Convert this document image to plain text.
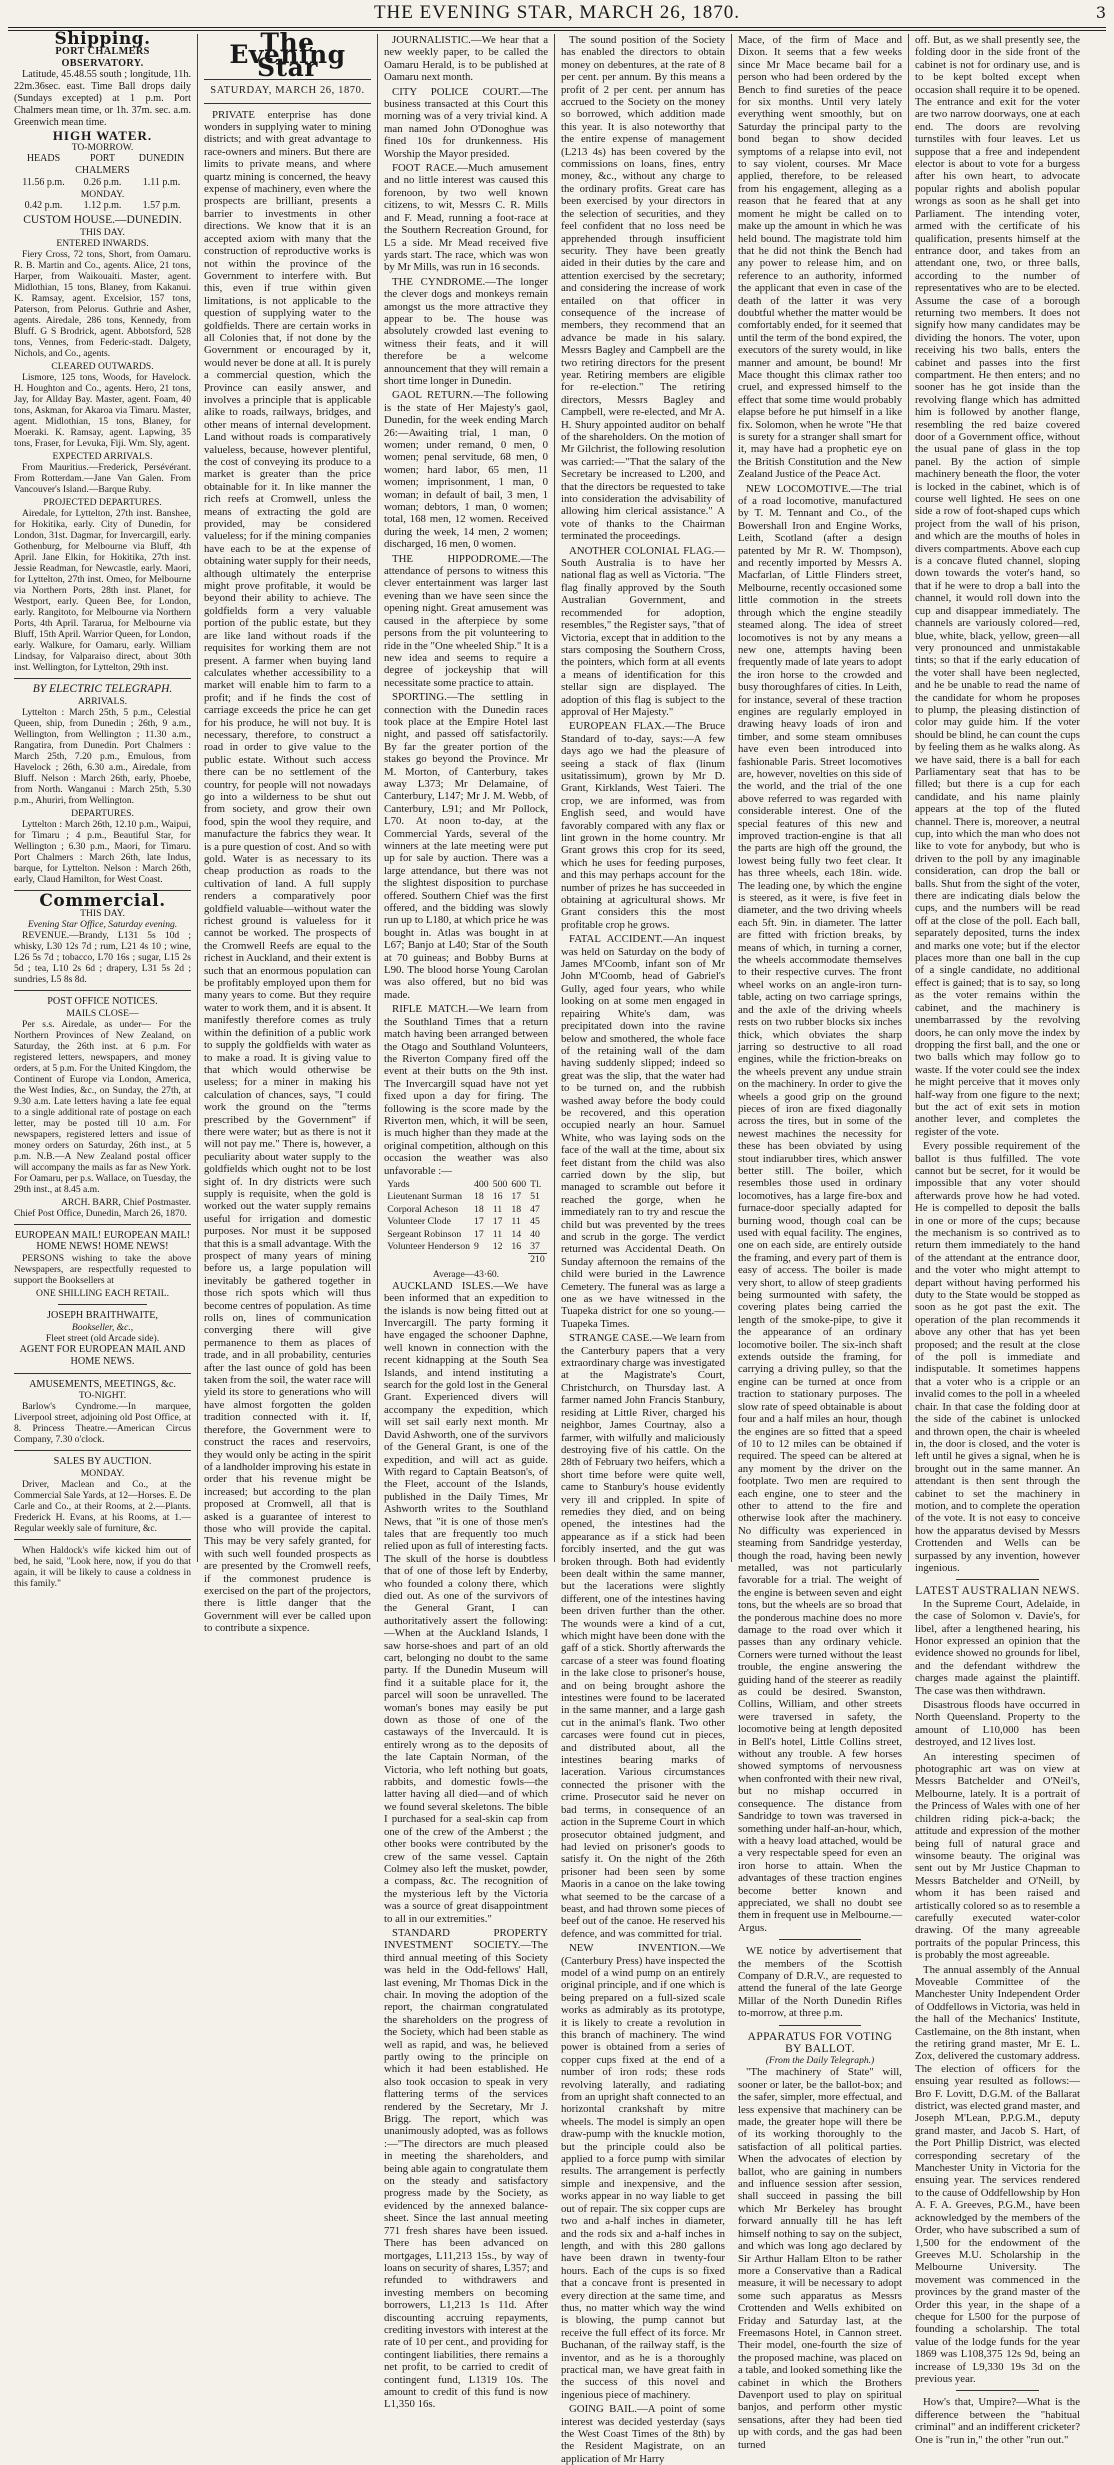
THE EVENING STAR, MARCH 26, 1870.	3
Shipping.
PORT CHALMERS OBSERVATORY.

Latitude, 45.48.55 south ; longitude, 11h. 22m.36sec. east. Time Ball drops daily (Sundays excepted) at 1 p.m. Port Chalmers mean time, or 1h. 37m. sec. a.m. Greenwich mean time.

HIGH WATER.
TO-MORROW.
HEADS	PORT CHALMERS
DUNEDIN
11.56 p.m.	0.26 p.m.	1.11 p.m.
MONDAY.
0.42 p.m.	1.12 p.m.	1.57 p.m.
CUSTOM HOUSE.—DUNEDIN.
THIS DAY.
ENTERED INWARDS.

Fiery Cross, 72 tons, Short, from Oamaru. R. B. Martin and Co., agents. Alice, 21 tons, Harper, from Waikouaiti. Master, agent. Midlothian, 15 tons, Blaney, from Kakanui. K. Ramsay, agent. Excelsior, 157 tons, Paterson, from Pelorus. Guthrie and Asher, agents. Airedale, 286 tons, Kennedy, from Bluff. G S Brodrick, agent. Abbotsford, 528 tons, Vennes, from Federic-stadt. Dalgety, Nichols, and Co., agents.

CLEARED OUTWARDS.

Lismore, 125 tons, Woods, for Havelock. H. Houghton and Co., agents. Hero, 21 tons, Jay, for Allday Bay. Master, agent. Foam, 40 tons, Askman, for Akaroa via Timaru. Master, agent. Midlothian, 15 tons, Blaney, for Moeraki. K. Ramsay, agent. Lapwing, 35 tons, Fraser, for Levuka, Fiji. Wm. Sly, agent.

EXPECTED ARRIVALS.

From Mauritius.—Frederick, Persévérant. From Rotterdam.—Jane Van Galen. From Vancouver's Island.—Barque Ruby.

PROJECTED DEPARTURES.

Airedale, for Lyttelton, 27th inst. Banshee, for Hokitika, early. City of Dunedin, for London, 31st. Dagmar, for Invercargill, early. Gothenburg, for Melbourne via Bluff, 4th April. Jane Elkin, for Hokitika, 27th inst. Jessie Readman, for Newcastle, early. Maori, for Lyttelton, 27th inst. Omeo, for Melbourne via Northern Ports, 28th inst. Planet, for Westport, early. Queen Bee, for London, early. Rangitoto, for Melbourne via Northern Ports, 4th April. Tararua, for Melbourne via Bluff, 15th April. Warrior Queen, for London, early. Walkure, for Oamaru, early. William Lindsay, for Valparaiso direct, about 30th inst. Wellington, for Lyttelton, 29th inst.

BY ELECTRIC TELEGRAPH.
ARRIVALS.

Lyttelton : March 25th, 5 p.m., Celestial Queen, ship, from Dunedin ; 26th, 9 a.m., Wellington, from Wellington ; 11.30 a.m., Rangatira, from Dunedin. Port Chalmers : March 25th, 7.20 p.m., Emulous, from Havelock ; 26th, 6.30 a.m., Airedale, from Bluff. Nelson : March 26th, early, Phoebe, from North. Wanganui : March 25th, 5.30 p.m., Ahuriri, from Wellington.

DEPARTURES.

Lyttelton : March 26th, 12.10 p.m., Waipui, for Timaru ; 4 p.m., Beautiful Star, for Wellington ; 6.30 p.m., Maori, for Timaru. Port Chalmers : March 26th, late Indus, barque, for Lyttelton. Nelson : March 26th, early, Claud Hamilton, for West Coast.

Commercial.
THIS DAY.
Evening Star Office, Saturday evening.

REVENUE.—Brandy, L131 5s 10d ; whisky, L30 12s 7d ; rum, L21 4s 10 ; wine, L26 5s 7d ; tobacco, L70 16s ; sugar, L15 2s 5d ; tea, L10 2s 6d ; drapery, L31 5s 2d ; sundries, L5 8s 8d.

POST OFFICE NOTICES.
MAILS CLOSE—

Per s.s. Airedale, as under— For the Northern Provinces of New Zealand, on Saturday, the 26th inst. at 6 p.m. For registered letters, newspapers, and money orders, at 5 p.m. For the United Kingdom, the Continent of Europe via London, America, the West Indies, &c., on Sunday, the 27th, at 9.30 a.m. Late letters having a late fee equal to a single additional rate of postage on each letter, may be posted till 10 a.m. For newspapers, registered letters and issue of money orders on Saturday, 26th inst., at 5 p.m. N.B.—A New Zealand postal officer will accompany the mails as far as New York. For Oamaru, per p.s. Wallace, on Tuesday, the 29th inst., at 8.45 a.m.

ARCH. BARR, Chief Postmaster.
Chief Post Office, Dunedin, March 26, 1870.
EUROPEAN MAIL! EUROPEAN MAIL! HOME NEWS! HOME NEWS!

PERSONS wishing to take the above Newspapers, are respectfully requested to support the Booksellers at

ONE SHILLING EACH RETAIL.
JOSEPH BRAITHWAITE,
Bookseller, &c.,
Fleet street (old Arcade side).
AGENT FOR EUROPEAN MAIL AND HOME NEWS.
AMUSEMENTS, MEETINGS, &c.
TO-NIGHT.

Barlow's Cyndrome.—In marquee, Liverpool street, adjoining old Post Office, at 8. Princess Theatre.—American Circus Company, 7.30 o'clock.

SALES BY AUCTION.
MONDAY.

Driver, Maclean and Co., at the Commercial Sale Yards, at 12—Horses. E. De Carle and Co., at their Rooms, at 2.—Plants. Frederick H. Evans, at his Rooms, at 1.—Regular weekly sale of furniture, &c.

When Haldock's wife kicked him out of bed, he said, "Look here, now, if you do that again, it will be likely to cause a coldness in this family."

The Evening Star
SATURDAY, MARCH 26, 1870.

PRIVATE enterprise has done wonders in supplying water to mining districts; and with great advantage to race-owners and miners. But there are limits to private means, and where quartz mining is concerned, the heavy expense of machinery, even where the prospects are brilliant, presents a barrier to investments in other directions. We know that it is an accepted axiom with many that the construction of reproductive works is not within the province of the Government to interfere with. But this, even if true within given limitations, is not applicable to the question of supplying water to the goldfields. There are certain works in all Colonies that, if not done by the Government or encouraged by it, would never be done at all. It is purely a commercial question, which the Province can easily answer, and involves a principle that is applicable alike to roads, railways, bridges, and other means of internal development. Land without roads is comparatively valueless, because, however plentiful, the cost of conveying its produce to a market is greater than the price obtainable for it. In like manner the rich reefs at Cromwell, unless the means of extracting the gold are provided, may be considered valueless; for if the mining companies have each to be at the expense of obtaining water supply for their needs, although ultimately the enterprise might prove profitable, it would be beyond their ability to achieve. The goldfields form a very valuable portion of the public estate, but they are like land without roads if the requisites for working them are not present. A farmer when buying land calculates whether accessibility to a market will enable him to farm to a profit; and if he finds the cost of carriage exceeds the price he can get for his produce, he will not buy. It is necessary, therefore, to construct a road in order to give value to the public estate. Without such access there can be no settlement of the country, for people will not nowadays go into a wilderness to be shut out from society, and grow their own food, spin the wool they require, and manufacture the fabrics they wear. It is a pure question of cost. And so with gold. Water is as necessary to its cheap production as roads to the cultivation of land. A full supply renders a comparatively poor goldfield valuable—without water the richest ground is valueless for it cannot be worked. The prospects of the Cromwell Reefs are equal to the richest in Auckland, and their extent is such that an enormous population can be profitably employed upon them for many years to come. But they require water to work them, and it is absent. It manifestly therefore comes as truly within the definition of a public work to supply the goldfields with water as to make a road. It is giving value to that which would otherwise be useless; for a miner in making his calculation of chances, says, "I could work the ground on the "terms prescribed by the Government" if there were water; but as there is not it will not pay me." There is, however, a peculiarity about water supply to the goldfields which ought not to be lost sight of. In dry districts were such supply is requisite, when the gold is worked out the water supply remains useful for irrigation and domestic purposes. Nor must it be supposed that this is a small advantage. With the prospect of many years of mining before us, a large population will inevitably be gathered together in those rich spots which will thus become centres of population. As time rolls on, lines of communication converging there will give permanence to them as places of trade, and in all probability, centuries after the last ounce of gold has been taken from the soil, the water race will yield its store to generations who will have almost forgotten the golden tradition connected with it. If, therefore, the Government were to construct the races and reservoirs, they would only be acting in the spirit of a landholder improving his estate in order that his revenue might be increased; but according to the plan proposed at Cromwell, all that is asked is a guarantee of interest to those who will provide the capital. This may be very safely granted, for with such well founded prospects as are presented by the Cromwell reefs, if the commonest prudence is exercised on the part of the projectors, there is little danger that the Government will ever be called upon to contribute a sixpence.

JOURNALISTIC.—We hear that a new weekly paper, to be called the Oamaru Herald, is to be published at Oamaru next month.

CITY POLICE COURT.—The business transacted at this Court this morning was of a very trivial kind. A man named John O'Donoghue was fined 10s for drunkenness. His Worship the Mayor presided.

FOOT RACE.—Much amusement and no little interest was caused this forenoon, by two well known citizens, to wit, Messrs C. R. Mills and F. Mead, running a foot-race at the Southern Recreation Ground, for L5 a side. Mr Mead received five yards start. The race, which was won by Mr Mills, was run in 16 seconds.

THE CYNDROME.—The longer the clever dogs and monkeys remain amongst us the more attractive they appear to be. The house was absolutely crowded last evening to witness their feats, and it will therefore be a welcome announcement that they will remain a short time longer in Dunedin.

GAOL RETURN.—The following is the state of Her Majesty's gaol, Dunedin, for the week ending March 26:—Awaiting trial, 1 man, 0 women; under remand, 0 men, 0 women; penal servitude, 68 men, 0 women; hard labor, 65 men, 11 women; imprisonment, 1 man, 0 woman; in default of bail, 3 men, 1 woman; debtors, 1 man, 0 women; total, 168 men, 12 women. Received during the week, 14 men, 2 women; discharged, 16 men, 0 women.

THE HIPPODROME.—The attendance of persons to witness this clever entertainment was larger last evening than we have seen since the opening night. Great amusement was caused in the afterpiece by some persons from the pit volunteering to ride in the "One wheeled Ship." It is a new idea and seems to require a degree of jockeyship that will necessitate some practice to attain.

SPORTING.—The settling in connection with the Dunedin races took place at the Empire Hotel last night, and passed off satisfactorily. By far the greater portion of the stakes go beyond the Province. Mr M. Morton, of Canterbury, takes away L373; Mr Delamaine, of Canterbury, L147; Mr J. M. Webb, of Canterbury, L91; and Mr Pollock, L70. At noon to-day, at the Commercial Yards, several of the winners at the late meeting were put up for sale by auction. There was a large attendance, but there was not the slightest disposition to purchase offered. Southern Chief was the first offered, and the bidding was slowly run up to L180, at which price he was bought in. Atlas was bought in at L67; Banjo at L40; Star of the South at 70 guineas; and Bobby Burns at L90. The blood horse Young Carolan was also offered, but no bid was made.

RIFLE MATCH.—We learn from the Southland Times that a return match having been arranged between the Otago and Southland Volunteers, the Riverton Company fired off the event at their butts on the 9th inst. The Invercargill squad have not yet fixed upon a day for firing. The following is the score made by the Riverton men, which, it will be seen, is much higher than they made at the original competition, although on this occasion the weather was also unfavorable :—

Yards	400	500	600	Tl.
Lieutenant Surman	18	16	17	51
Corporal Acheson	18	11	18	47
Volunteer Clode	17	17	11	45
Sergeant Robinson	17	11	14	40
Volunteer Henderson	9	12	16	37
				210
Average—43·60.

AUCKLAND ISLES.—We have been informed that an expedition to the islands is now being fitted out at Invercargill. The party forming it have engaged the schooner Daphne, well known in connection with the recent kidnapping at the South Sea Islands, and intend instituting a search for the gold lost in the General Grant. Experienced divers will accompany the expedition, which will set sail early next month. Mr David Ashworth, one of the survivors of the General Grant, is one of the expedition, and will act as guide. With regard to Captain Beatson's, of the Fleet, account of the Islands, published in the Daily Times, Mr Ashworth writes to the Southland News, that "it is one of those men's tales that are frequently too much relied upon as full of interesting facts. The skull of the horse is doubtless that of one of those left by Enderby, who founded a colony there, which died out. As one of the survivors of the General Grant, I can authoritatively assert the following:—When at the Auckland Islands, I saw horse-shoes and part of an old cart, belonging no doubt to the same party. If the Dunedin Museum will find it a suitable place for it, the parcel will soon be unravelled. The woman's bones may easily be put down as those of one of the castaways of the Invercauld. It is entirely wrong as to the deposits of the late Captain Norman, of the Victoria, who left nothing but goats, rabbits, and domestic fowls—the latter having all died—and of which we found several skeletons. The bible I purchased for a seal-skin cap from one of the crew of the Amberst ; the other books were contributed by the crew of the same vessel. Captain Colmey also left the musket, powder, a compass, &c. The recognition of the mysterious left by the Victoria was a source of great disappointment to all in our extremities."

STANDARD PROPERTY INVESTMENT SOCIETY.—The third annual meeting of this Society was held in the Odd-fellows' Hall, last evening, Mr Thomas Dick in the chair. In moving the adoption of the report, the chairman congratulated the shareholders on the progress of the Society, which had been stable as well as rapid, and was, he believed partly owing to the principle on which it had been established. He also took occasion to speak in very flattering terms of the services rendered by the Secretary, Mr J. Brigg. The report, which was unanimously adopted, was as follows :—"The directors are much pleased in meeting the shareholders, and being able again to congratulate them on the steady and satisfactory progress made by the Society, as evidenced by the annexed balance-sheet. Since the last annual meeting 771 fresh shares have been issued. There has been advanced on mortgages, L11,213 15s., by way of loans on security of shares, L357; and refunded to withdrawers and investing members on becoming borrowers, L1,213 1s 11d. After discounting accruing repayments, crediting investors with interest at the rate of 10 per cent., and providing for contingent liabilities, there remains a net profit, to be carried to credit of contingent fund, L1319 10s. The amount to credit of this fund is now L1,350 16s.

The sound position of the Society has enabled the directors to obtain money on debentures, at the rate of 8 per cent. per annum. By this means a profit of 2 per cent. per annum has accrued to the Society on the money so borrowed, which addition made this year. It is also noteworthy that the entire expense of management (L213 4s) has been covered by the commissions on loans, fines, entry money, &c., without any charge to the ordinary profits. Great care has been exercised by your directors in the selection of securities, and they feel confident that no loss need be apprehended through insufficient security. They have been greatly aided in their duties by the care and attention exercised by the secretary; and considering the increase of work entailed on that officer in consequence of the increase of members, they recommend that an advance be made in his salary. Messrs Bagley and Campbell are the two retiring directors for the present year. Retiring members are eligible for re-election." The retiring directors, Messrs Bagley and Campbell, were re-elected, and Mr A. H. Shury appointed auditor on behalf of the shareholders. On the motion of Mr Gilchrist, the following resolution was carried:—"That the salary of the Secretary be increased to L200, and that the directors be requested to take into consideration the advisability of allowing him clerical assistance." A vote of thanks to the Chairman terminated the proceedings.

ANOTHER COLONIAL FLAG.—South Australia is to have her national flag as well as Victoria. "The flag finally approved by the South Australian Government, and recommended for adoption, resembles," the Register says, "that of Victoria, except that in addition to the stars composing the Southern Cross, the pointers, which form at all events a means of identification for this stellar sign are displayed. The adoption of this flag is subject to the approval of Her Majesty."

EUROPEAN FLAX.—The Bruce Standard of to-day, says:—A few days ago we had the pleasure of seeing a stack of flax (linum usitatissimum), grown by Mr D. Grant, Kirklands, West Taieri. The crop, we are informed, was from English seed, and would have favorably compared with any flax or lint grown in the home country. Mr Grant grows this crop for its seed, which he uses for feeding purposes, and this may perhaps account for the number of prizes he has succeeded in obtaining at agricultural shows. Mr Grant considers this the most profitable crop he grows.

FATAL ACCIDENT.—An inquest was held on Saturday on the body of James M'Coomb, infant son of Mr John M'Coomb, head of Gabriel's Gully, aged four years, who while looking on at some men engaged in repairing White's dam, was precipitated down into the ravine below and smothered, the whole face of the retaining wall of the dam having suddenly slipped; indeed so great was the slip, that the water had to be turned on, and the rubbish washed away before the body could be recovered, and this operation occupied nearly an hour. Samuel White, who was laying sods on the face of the wall at the time, about six feet distant from the child was also carried down by the slip, but managed to scramble out before it reached the gorge, when he immediately ran to try and rescue the child but was prevented by the trees and scrub in the gorge. The verdict returned was Accidental Death. On Sunday afternoon the remains of the child were buried in the Lawrence Cemetery. The funeral was as large a one as we have witnessed in the Tuapeka district for one so young.—Tuapeka Times.

STRANGE CASE.—We learn from the Canterbury papers that a very extraordinary charge was investigated at the Magistrate's Court, Christchurch, on Thursday last. A farmer named John Francis Stanbury, residing at Little River, charged his neighbor, James Courtnay, also a farmer, with wilfully and maliciously destroying five of his cattle. On the 28th of February two heifers, which a short time before were quite well, came to Stanbury's house evidently very ill and crippled. In spite of remedies they died, and on being opened, the intestines had the appearance as if a stick had been forcibly inserted, and the gut was broken through. Both had evidently been dealt within the same manner, but the lacerations were slightly different, one of the intestines having been driven further than the other. The wounds were a kind of a cut, which might have been done with the gaff of a stick. Shortly afterwards the carcase of a steer was found floating in the lake close to prisoner's house, and on being brought ashore the intestines were found to be lacerated in the same manner, and a large gash cut in the animal's flank. Two other carcases were found cut in pieces, and distributed about, all the intestines bearing marks of laceration. Various circumstances connected the prisoner with the crime. Prosecutor said he never on bad terms, in consequence of an action in the Supreme Court in which prosecutor obtained judgment, and had levied on prisoner's goods to satisfy it. On the night of the 26th prisoner had been seen by some Maoris in a canoe on the lake towing what seemed to be the carcase of a beast, and had thrown some pieces of beef out of the canoe. He reserved his defence, and was committed for trial.

NEW INVENTION.—We (Canterbury Press) have inspected the model of a wind pump on an entirely original principle, and if one which is being prepared on a full-sized scale works as admirably as its prototype, it is likely to create a revolution in this branch of machinery. The wind power is obtained from a series of copper cups fixed at the end of a number of iron rods; these rods revolving laterally, and radiating from an upright shaft connected to an horizontal crankshaft by mitre wheels. The model is simply an open draw-pump with the knuckle motion, but the principle could also be applied to a force pump with similar results. The arrangement is perfectly simple and inexpensive, and the works appear in no way liable to get out of repair. The six copper cups are two and a-half inches in diameter, and the rods six and a-half inches in length, and with this 280 gallons have been drawn in twenty-four hours. Each of the cups is so fixed that a concave front is presented in every direction at the same time, and thus, no matter which way the wind is blowing, the pump cannot but receive the full effect of its force. Mr Buchanan, of the railway staff, is the inventor, and as he is a thoroughly practical man, we have great faith in the success of this novel and ingenious piece of machinery.

GOING BAIL.—A point of some interest was decided yesterday (says the West Coast Times of the 8th) by the Resident Magistrate, on an application of Mr Harry

Mace, of the firm of Mace and Dixon. It seems that a few weeks since Mr Mace became bail for a person who had been ordered by the Bench to find sureties of the peace for six months. Until very lately everything went smoothly, but on Saturday the principal party to the bond began to show decided symptoms of a relapse into evil, not to say violent, courses. Mr Mace applied, therefore, to be released from his engagement, alleging as a reason that he feared that at any moment he might be called on to make up the amount in which he was held bound. The magistrate told him that he did not think the Bench had any power to release him, and on reference to an authority, informed the applicant that even in case of the death of the latter it was very doubtful whether the matter would be comfortably ended, for it seemed that until the term of the bond expired, the executors of the surety would, in like manner and amount, be bound! Mr Mace thought this climax rather too cruel, and expressed himself to the effect that some time would probably elapse before he put himself in a like fix. Solomon, when he wrote "He that is surety for a stranger shall smart for it, may have had a prophetic eye on the British Constitution and the New Zealand Justice of the Peace Act.

NEW LOCOMOTIVE.—The trial of a road locomotive, manufactured by T. M. Tennant and Co., of the Bowershall Iron and Engine Works, Leith, Scotland (after a design patented by Mr R. W. Thompson), and recently imported by Messrs A. Macfarlan, of Little Flinders street, Melbourne, recently occasioned some little commotion in the streets through which the engine steadily steamed along. The idea of street locomotives is not by any means a new one, attempts having been frequently made of late years to adopt the iron horse to the crowded and busy thoroughfares of cities. In Leith, for instance, several of these traction engines are regularly employed in drawing heavy loads of iron and timber, and some steam omnibuses have even been introduced into fashionable Paris. Street locomotives are, however, novelties on this side of the world, and the trial of the one above referred to was regarded with considerable interest. One of the special features of this new and improved traction-engine is that all the parts are high off the ground, the lowest being fully two feet clear. It has three wheels, each 18in. wide. The leading one, by which the engine is steered, as it were, is five feet in diameter, and the two driving wheels each 5ft. 9in. in diameter. The latter are fitted with friction breaks, by means of which, in turning a corner, the wheels accommodate themselves to their respective curves. The front wheel works on an angle-iron turn-table, acting on two carriage springs, and the axle of the driving wheels rests on two rubber blocks six inches thick, which obviates the sharp jarring so destructive to all road engines, while the friction-breaks on the wheels prevent any undue strain on the machinery. In order to give the wheels a good grip on the ground pieces of iron are fixed diagonally across the tires, but in some of the newest machines the necessity for these has been obviated by using stout indiarubber tires, which answer better still. The boiler, which resembles those used in ordinary locomotives, has a large fire-box and furnace-door specially adapted for burning wood, though coal can be used with equal facility. The engines, one on each side, are entirely outside the framing, and every part of them is easy of access. The boiler is made very short, to allow of steep gradients being surmounted with safety, the covering plates being carried the length of the smoke-pipe, to give it the appearance of an ordinary locomotive boiler. The six-inch shaft extends outside the framing, for carrying a driving pulley, so that the engine can be turned at once from traction to stationary purposes. The slow rate of speed obtainable is about four and a half miles an hour, though the engines are so fitted that a speed of 10 to 12 miles can be obtained if required. The speed can be altered at any moment by the driver on the footplate. Two men are required to each engine, one to steer and the other to attend to the fire and otherwise look after the machinery. No difficulty was experienced in steaming from Sandridge yesterday, though the road, having been newly metalled, was not particularly favorable for a trial. The weight of the engine is between seven and eight tons, but the wheels are so broad that the ponderous machine does no more damage to the road over which it passes than any ordinary vehicle. Corners were turned without the least trouble, the engine answering the guiding hand of the steerer as readily as could be desired. Swanston, Collins, William, and other streets were traversed in safety, the locomotive being at length deposited in Bell's hotel, Little Collins street, without any trouble. A few horses showed symptoms of nervousness when confronted with their new rival, but no mishap occurred in consequence. The distance from Sandridge to town was traversed in something under half-an-hour, which, with a heavy load attached, would be a very respectable speed for even an iron horse to attain. When the advantages of these traction engines become better known and appreciated, we shall no doubt see them in frequent use in Melbourne.—Argus.

WE notice by advertisement that the members of the Scottish Company of D.R.V., are requested to attend the funeral of the late George Millar of the North Dunedin Rifles to-morrow, at three p.m.

APPARATUS FOR VOTING BY BALLOT.
(From the Daily Telegraph.)

"The machinery of State" will, sooner or later, be the ballot-box; and the safer, simpler, more effectual, and less expensive that machinery can be made, the greater hope will there be of its working thoroughly to the satisfaction of all political parties. When the advocates of election by ballot, who are gaining in numbers and influence session after session, shall succeed in passing the bill which Mr Berkeley has brought forward annually till he has left himself nothing to say on the subject, and which was long ago declared by Sir Arthur Hallam Elton to be rather more a Conservative than a Radical measure, it will be necessary to adopt some such apparatus as Messrs Crottenden and Wells exhibited on Friday and Saturday last, at the Freemasons Hotel, in Cannon street. Their model, one-fourth the size of the proposed machine, was placed on a table, and looked something like the cabinet in which the Brothers Davenport used to play on spiritual banjos, and perform other mystic sensations, after they had been tied up with cords, and the gas had been turned

off. But, as we shall presently see, the folding door in the side front of the cabinet is not for ordinary use, and is to be kept bolted except when occasion shall require it to be opened. The entrance and exit for the voter are two narrow doorways, one at each end. The doors are revolving turnstiles with four leaves. Let us suppose that a free and independent elector is about to vote for a burgess after his own heart, to advocate popular rights and abolish popular wrongs as soon as he shall get into Parliament. The intending voter, armed with the certificate of his qualification, presents himself at the entrance door, and takes from an attendant one, two, or three balls, according to the number of representatives who are to be elected. Assume the case of a borough returning two members. It does not signify how many candidates may be dividing the honors. The voter, upon receiving his two balls, enters the cabinet and passes into the first compartment. He then enters; and no sooner has he got inside than the revolving flange which has admitted him is followed by another flange, resembling the red baize covered door of a Government office, without the usual pane of glass in the top panel. By the action of simple machinery beneath the floor, the voter is locked in the cabinet, which is of course well lighted. He sees on one side a row of foot-shaped cups which project from the wall of his prison, and which are the mouths of holes in divers compartments. Above each cup is a concave fluted channel, sloping down towards the voter's hand, so that if he were to drop a ball into the channel, it would roll down into the cup and disappear immediately. The channels are variously colored—red, blue, white, black, yellow, green—all very pronounced and unmistakable tints; so that if the early education of the voter shall have been neglected, and he be unable to read the name of the candidate for whom he proposes to plump, the pleasing distinction of color may guide him. If the voter should be blind, he can count the cups by feeling them as he walks along. As we have said, there is a ball for each Parliamentary seat that has to be filled; but there is a cup for each candidate, and his name plainly appears at the top of the fluted channel. There is, moreover, a neutral cup, into which the man who does not like to vote for anybody, but who is driven to the poll by any imaginable consideration, can drop the ball or balls. Shut from the sight of the voter, there are indicating dials below the cups, and the numbers will be read off at the close of the poll. Each ball, separately deposited, turns the index and marks one vote; but if the elector places more than one ball in the cup of a single candidate, no additional effect is gained; that is to say, so long as the voter remains within the cabinet, and the machinery is unembarrassed by the revolving doors, he can only move the index by dropping the first ball, and the one or two balls which may follow go to waste. If the voter could see the index he might perceive that it moves only half-way from one figure to the next; but the act of exit sets in motion another lever, and completes the register of the vote.

Every possible requirement of the ballot is thus fulfilled. The vote cannot but be secret, for it would be impossible that any voter should afterwards prove how he had voted. He is compelled to deposit the balls in one or more of the cups; because the mechanism is so contrived as to return them immediately to the hand of the attendant at the entrance door, and the voter who might attempt to depart without having performed his duty to the State would be stopped as soon as he got past the exit. The operation of the plan recommends it above any other that has yet been proposed; and the result at the close of the poll is immediate and indisputable. It sometimes happens that a voter who is a cripple or an invalid comes to the poll in a wheeled chair. In that case the folding door at the side of the cabinet is unlocked and thrown open, the chair is wheeled in, the door is closed, and the voter is left until he gives a signal, when he is brought out in the same manner. An attendant is then sent through the cabinet to set the machinery in motion, and to complete the operation of the vote. It is not easy to conceive how the apparatus devised by Messrs Crottenden and Wells can be surpassed by any invention, however ingenious.

LATEST AUSTRALIAN NEWS.

In the Supreme Court, Adelaide, in the case of Solomon v. Davie's, for libel, after a lengthened hearing, his Honor expressed an opinion that the evidence showed no grounds for libel, and the defendant withdrew the charges made against the plaintiff. The case was then withdrawn.

Disastrous floods have occurred in North Queensland. Property to the amount of L10,000 has been destroyed, and 12 lives lost.

An interesting specimen of photographic art was on view at Messrs Batchelder and O'Neil's, Melbourne, lately. It is a portrait of the Princess of Wales with one of her children riding pick-a-back; the attitude and expression of the mother being full of natural grace and winsome beauty. The original was sent out by Mr Justice Chapman to Messrs Batchelder and O'Neill, by whom it has been raised and artistically colored so as to resemble a carefully executed water-color drawing. Of the many agreeable portraits of the popular Princess, this is probably the most agreeable.

The annual assembly of the Annual Moveable Committee of the Manchester Unity Independent Order of Oddfellows in Victoria, was held in the hall of the Mechanics' Institute, Castlemaine, on the 8th instant, when the retiring grand master, Mr E. L. Zox, delivered the customary address. The election of officers for the ensuing year resulted as follows:—Bro F. Lovitt, D.G.M. of the Ballarat district, was elected grand master, and Joseph M'Lean, P.P.G.M., deputy grand master, and Jacob S. Hart, of the Port Phillip District, was elected corresponding secretary of the Manchester Unity in Victoria for the ensuing year. The services rendered to the cause of Oddfellowship by Hon A. F. A. Greeves, P.G.M., have been acknowledged by the members of the Order, who have subscribed a sum of 1,500 for the endowment of the Greeves M.U. Scholarship in the Melbourne University. The movement was commenced in the provinces by the grand master of the Order this year, in the shape of a cheque for L500 for the purpose of founding a scholarship. The total value of the lodge funds for the year 1869 was L108,375 12s 9d, being an increase of L9,330 19s 3d on the previous year.

How's that, Umpire?—What is the difference between the "habitual criminal" and an indifferent cricketer? One is "run in," the other "run out."
